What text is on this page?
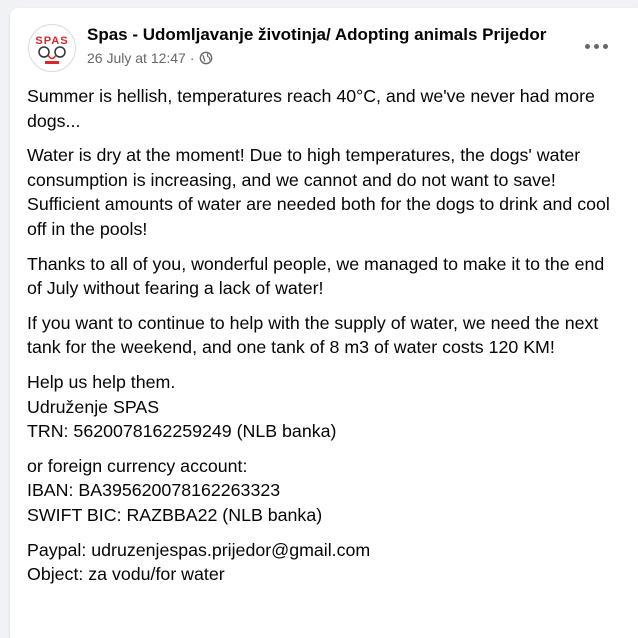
SPAS Spas - Udomljavanje životinja/ Adopting animals Prijedor
26 July at 12:47 ·

Summer is hellish, temperatures reach 40°C, and we've never had more dogs...

Water is dry at the moment! Due to high temperatures, the dogs' water consumption is increasing, and we cannot and do not want to save! Sufficient amounts of water are needed both for the dogs to drink and cool off in the pools!

Thanks to all of you, wonderful people, we managed to make it to the end of July without fearing a lack of water!

If you want to continue to help with the supply of water, we need the next tank for the weekend, and one tank of 8 m3 of water costs 120 KM!

Help us help them.
Udruženje SPAS
TRN: 5620078162259249 (NLB banka)

or foreign currency account:
IBAN: BA395620078162263323
SWIFT BIC: RAZBBA22 (NLB banka)

Paypal: udruzenjespas.prijedor@gmail.com
Object: za vodu/for water
